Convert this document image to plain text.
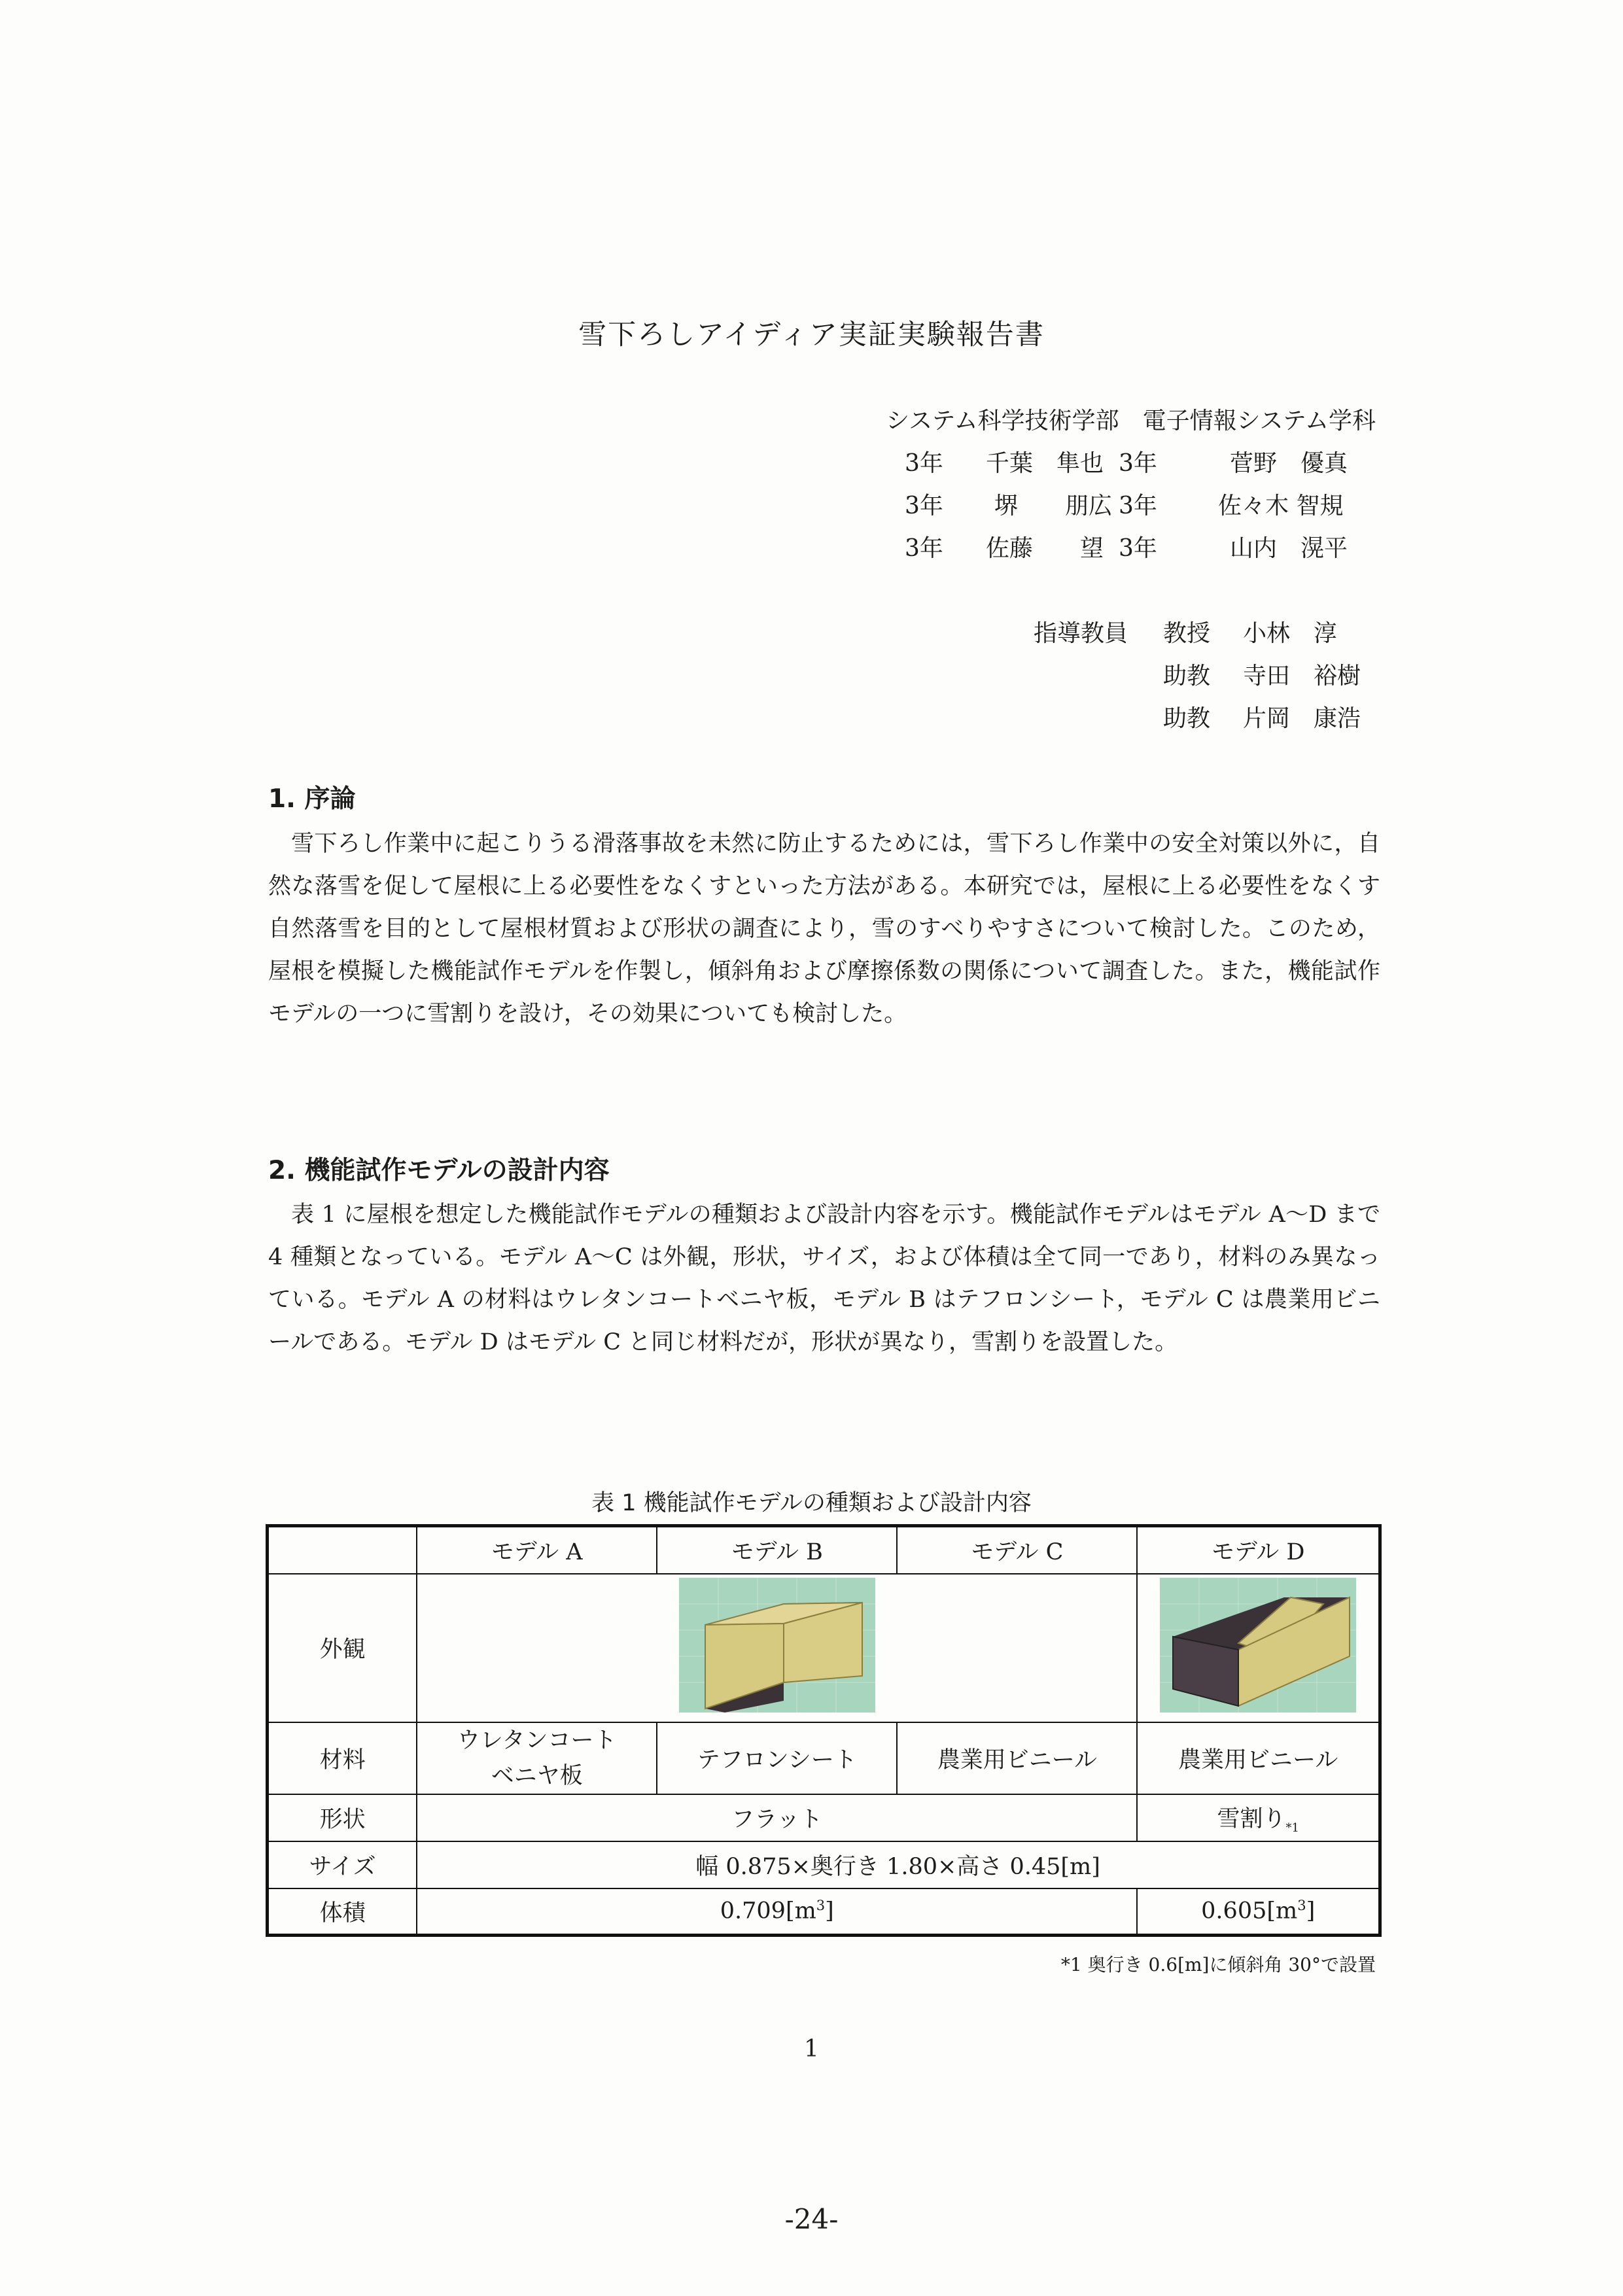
雪下ろしアイディア実証実験報告書
システム科学技術学部　電子情報システム学科
3年 千葉　隼也 3年	菅野　優真
3年 堺　　朋広 3年	佐々木 智規
3年 佐藤　　望 3年	山内　滉平
指導教員 教授 小林　淳
助教 寺田　裕樹
助教 片岡　康浩
1. 序論
雪下ろし作業中に起こりうる滑落事故を未然に防止するためには，雪下ろし作業中の安全対策以外に，自然な落雪を促して屋根に上る必要性をなくすといった方法がある。本研究では，屋根に上る必要性をなくす自然落雪を目的として屋根材質および形状の調査により，雪のすべりやすさについて検討した。このため，屋根を模擬した機能試作モデルを作製し，傾斜角および摩擦係数の関係について調査した。また，機能試作モデルの一つに雪割りを設け，その効果についても検討した。
2. 機能試作モデルの設計内容
表 1 に屋根を想定した機能試作モデルの種類および設計内容を示す。機能試作モデルはモデル A〜D まで 4 種類となっている。モデル A〜C は外観，形状，サイズ，および体積は全て同一であり，材料のみ異なっている。モデル A の材料はウレタンコートベニヤ板，モデル B はテフロンシート，モデル C は農業用ビニールである。モデル D はモデル C と同じ材料だが，形状が異なり，雪割りを設置した。
表 1 機能試作モデルの種類および設計内容
	モデル A	モデル B	モデル C	モデル D
外観		
材料	ウレタンコート
ベニヤ板	テフロンシート	農業用ビニール	農業用ビニール
形状	フラット			雪割り$_{*1}$
サイズ	幅 0.875×奥行き 1.80×高さ 0.45[m]			
体積	$0.709[m^3]$			$0.605[m^3]$
*1 奥行き 0.6[m]に傾斜角 30°で設置
1
-24-
